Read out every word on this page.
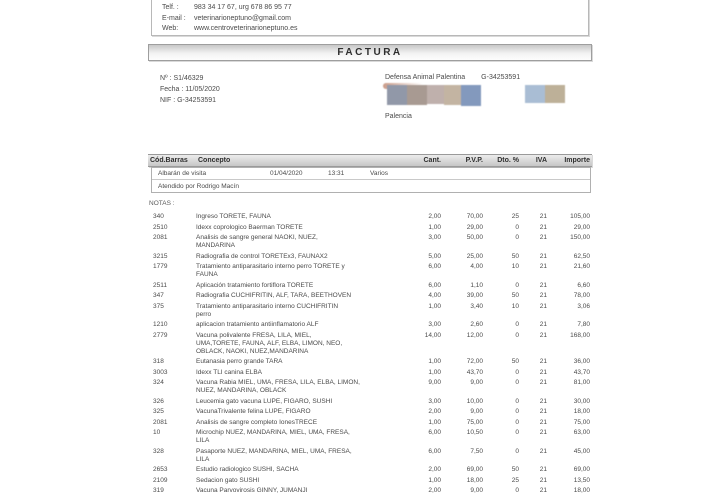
Telf. : 983 34 17 67, urg 678 86 95 77
E-mail : veterinarioneptuno@gmail.com
Web: www.centroveterinarioneptuno.es
FACTURA
Nº : S1/46329
Fecha : 11/05/2020
NIF : G-34253591
Defensa Animal Palentina G-34253591
Palencia
Cód.Barras	Concepto	Cant.	P.V.P.	Dto. %	IVA	Importe
Albarán de visita	01/04/2020	13:31	Varios
Atendido por Rodrigo Macín
NOTAS :
340	Ingreso TORETE, FAUNA	2,00	70,00	25	21	105,00
2510	Idexx coprologico Baerman TORETE	1,00	29,00	0	21	29,00
2081	Analisis de sangre general NAOKI, NUEZ,
MANDARINA
3,00	50,00	0	21	150,00
3215	Radiografia de control TORETEx3, FAUNAX2	5,00	25,00	50	21	62,50
1779	Tratamiento antiparasitario interno perro TORETE y
FAUNA
6,00	4,00	10	21	21,60
2511	Aplicación tratamiento fortiflora TORETE	6,00	1,10	0	21	6,60
347	Radiografia CUCHIFRITIN, ALF, TARA, BEETHOVEN	4,00	39,00	50	21	78,00
375	Tratamiento antiparasitario interno CUCHIFRITIN
perro
1,00	3,40	10	21	3,06
1210	aplicacion tratamiento antiinflamatorio ALF	3,00	2,60	0	21	7,80
2779	Vacuna polivalente FRESA, LILA, MIEL,
UMA,TORETE, FAUNA, ALF, ELBA, LIMON, NEO,
OBLACK, NAOKI, NUEZ,MANDARINA
14,00	12,00	0	21	168,00
318	Eutanasia perro grande TARA	1,00	72,00	50	21	36,00
3003	Idexx TLI canina ELBA	1,00	43,70	0	21	43,70
324	Vacuna Rabia MIEL, UMA, FRESA, LILA, ELBA, LIMON,
NUEZ, MANDARINA, OBLACK
9,00	9,00	0	21	81,00
326	Leucemia gato vacuna LUPE, FIGARO, SUSHI	3,00	10,00	0	21	30,00
325	VacunaTrivalente felina LUPE, FIGARO	2,00	9,00	0	21	18,00
2081	Analisis de sangre completo IonesTRECE	1,00	75,00	0	21	75,00
10	Microchip NUEZ, MANDARINA, MIEL, UMA, FRESA,
LILA
6,00	10,50	0	21	63,00
328	Pasaporte NUEZ, MANDARINA, MIEL, UMA, FRESA,
LILA
6,00	7,50	0	21	45,00
2653	Estudio radiologico SUSHI, SACHA	2,00	69,00	50	21	69,00
2109	Sedacion gato SUSHI	1,00	18,00	25	21	13,50
319	Vacuna Parvovirosis GINNY, JUMANJI	2,00	9,00	0	21	18,00
